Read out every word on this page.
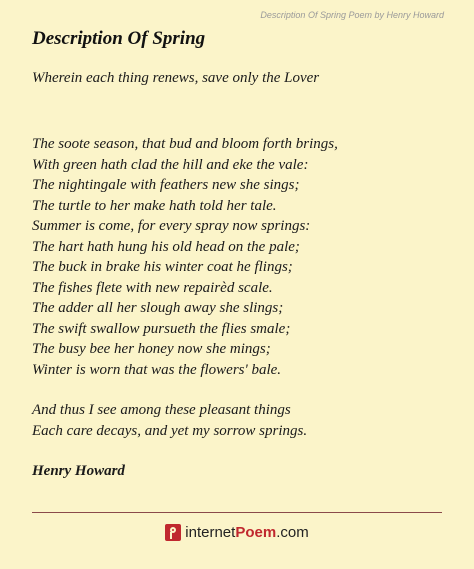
Description Of Spring Poem by Henry Howard
Description Of Spring
Wherein each thing renews, save only the Lover
The soote season, that bud and bloom forth brings,
With green hath clad the hill and eke the vale:
The nightingale with feathers new she sings;
The turtle to her make hath told her tale.
Summer is come, for every spray now springs:
The hart hath hung his old head on the pale;
The buck in brake his winter coat he flings;
The fishes flete with new repairèd scale.
The adder all her slough away she slings;
The swift swallow pursueth the flies smale;
The busy bee her honey now she mings;
Winter is worn that was the flowers' bale.
And thus I see among these pleasant things
Each care decays, and yet my sorrow springs.
Henry Howard
internetPoem.com
